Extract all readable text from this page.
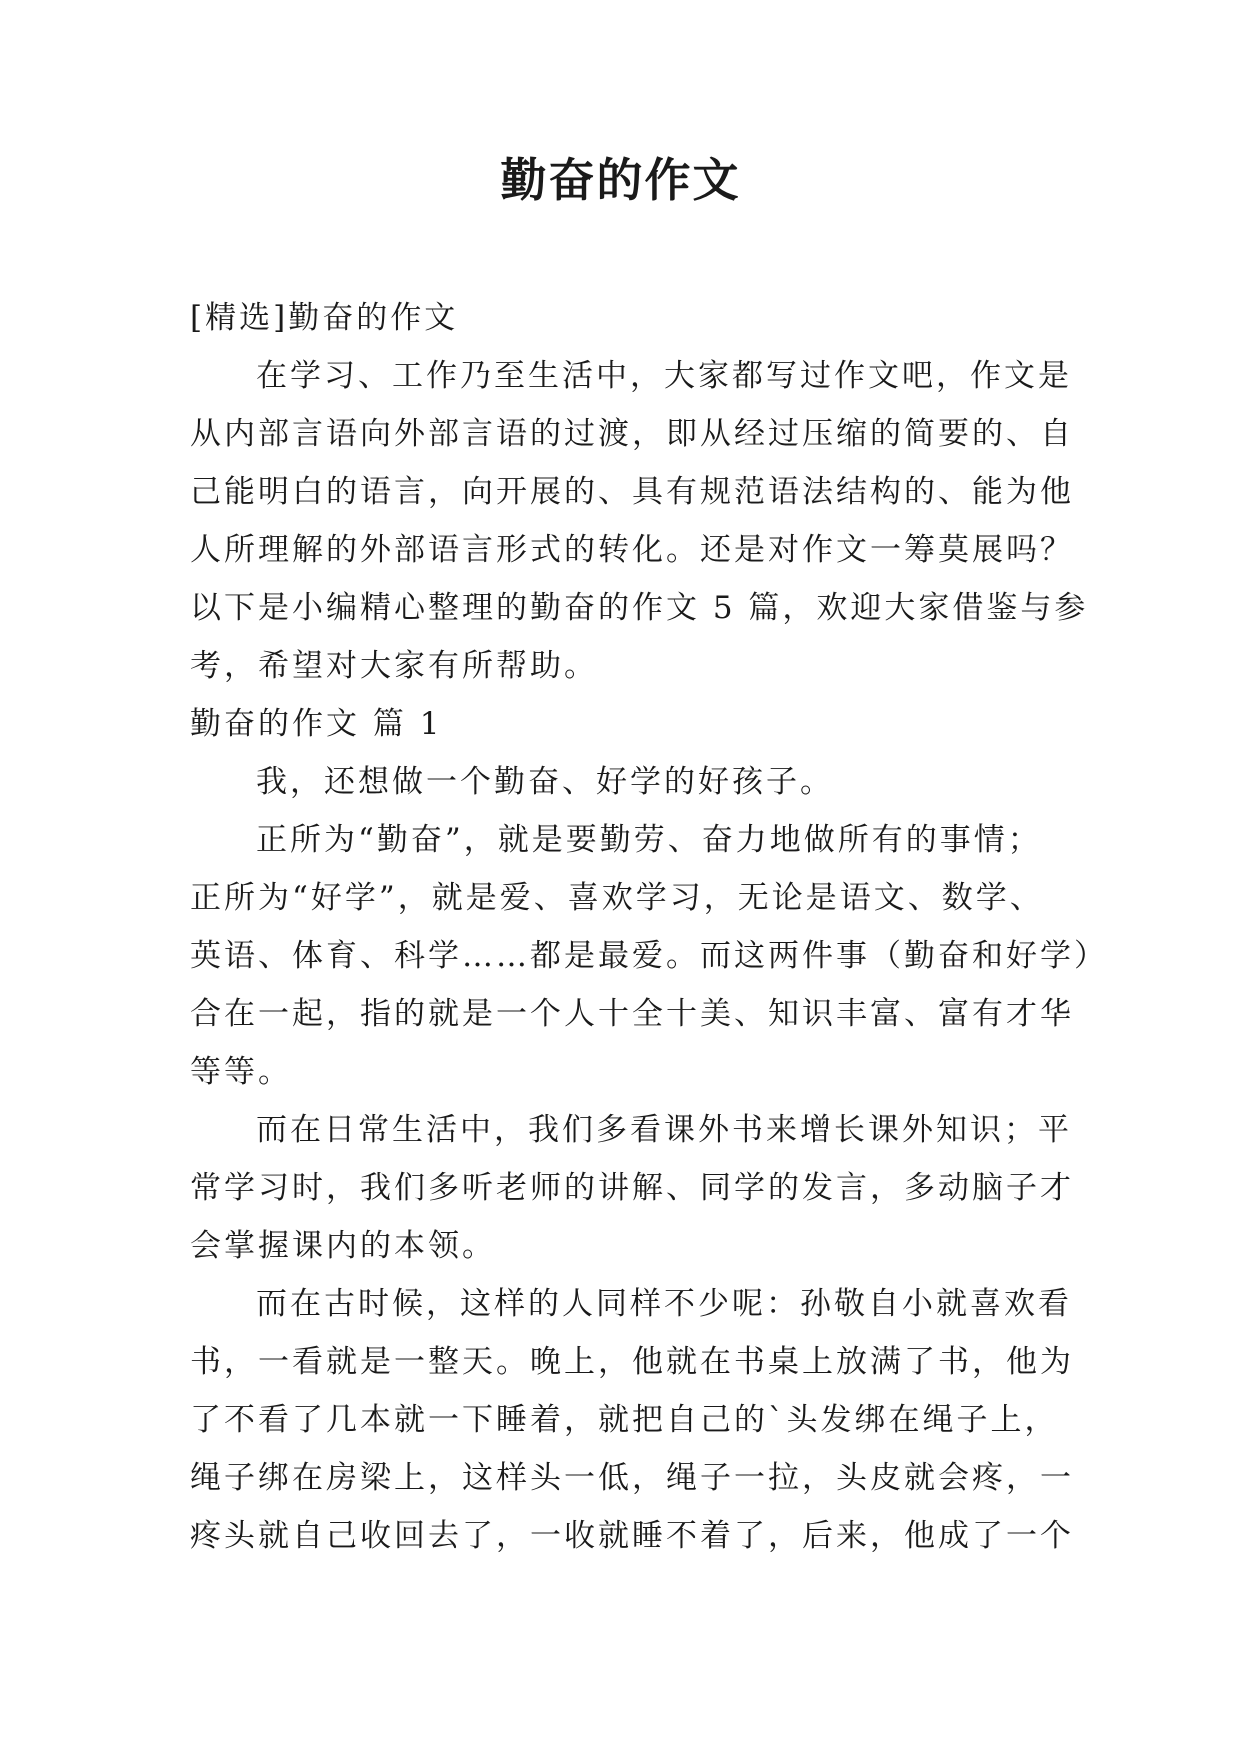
勤奋的作文

[精选]勤奋的作文

在学习、工作乃至生活中，大家都写过作文吧，作文是

从内部言语向外部言语的过渡，即从经过压缩的简要的、自

己能明白的语言，向开展的、具有规范语法结构的、能为他

人所理解的外部语言形式的转化。还是对作文一筹莫展吗？

以下是小编精心整理的勤奋的作文 5 篇，欢迎大家借鉴与参

考，希望对大家有所帮助。

勤奋的作文 篇 1

我，还想做一个勤奋、好学的好孩子。

正所为“勤奋”，就是要勤劳、奋力地做所有的事情；

正所为“好学”，就是爱、喜欢学习，无论是语文、数学、

英语、体育、科学……都是最爱。而这两件事（勤奋和好学）

合在一起，指的就是一个人十全十美、知识丰富、富有才华

等等。

而在日常生活中，我们多看课外书来增长课外知识；平

常学习时，我们多听老师的讲解、同学的发言，多动脑子才

会掌握课内的本领。

而在古时候，这样的人同样不少呢：孙敬自小就喜欢看

书，一看就是一整天。晚上，他就在书桌上放满了书，他为

了不看了几本就一下睡着，就把自己的`头发绑在绳子上，

绳子绑在房梁上，这样头一低，绳子一拉，头皮就会疼，一

疼头就自己收回去了，一收就睡不着了，后来，他成了一个
